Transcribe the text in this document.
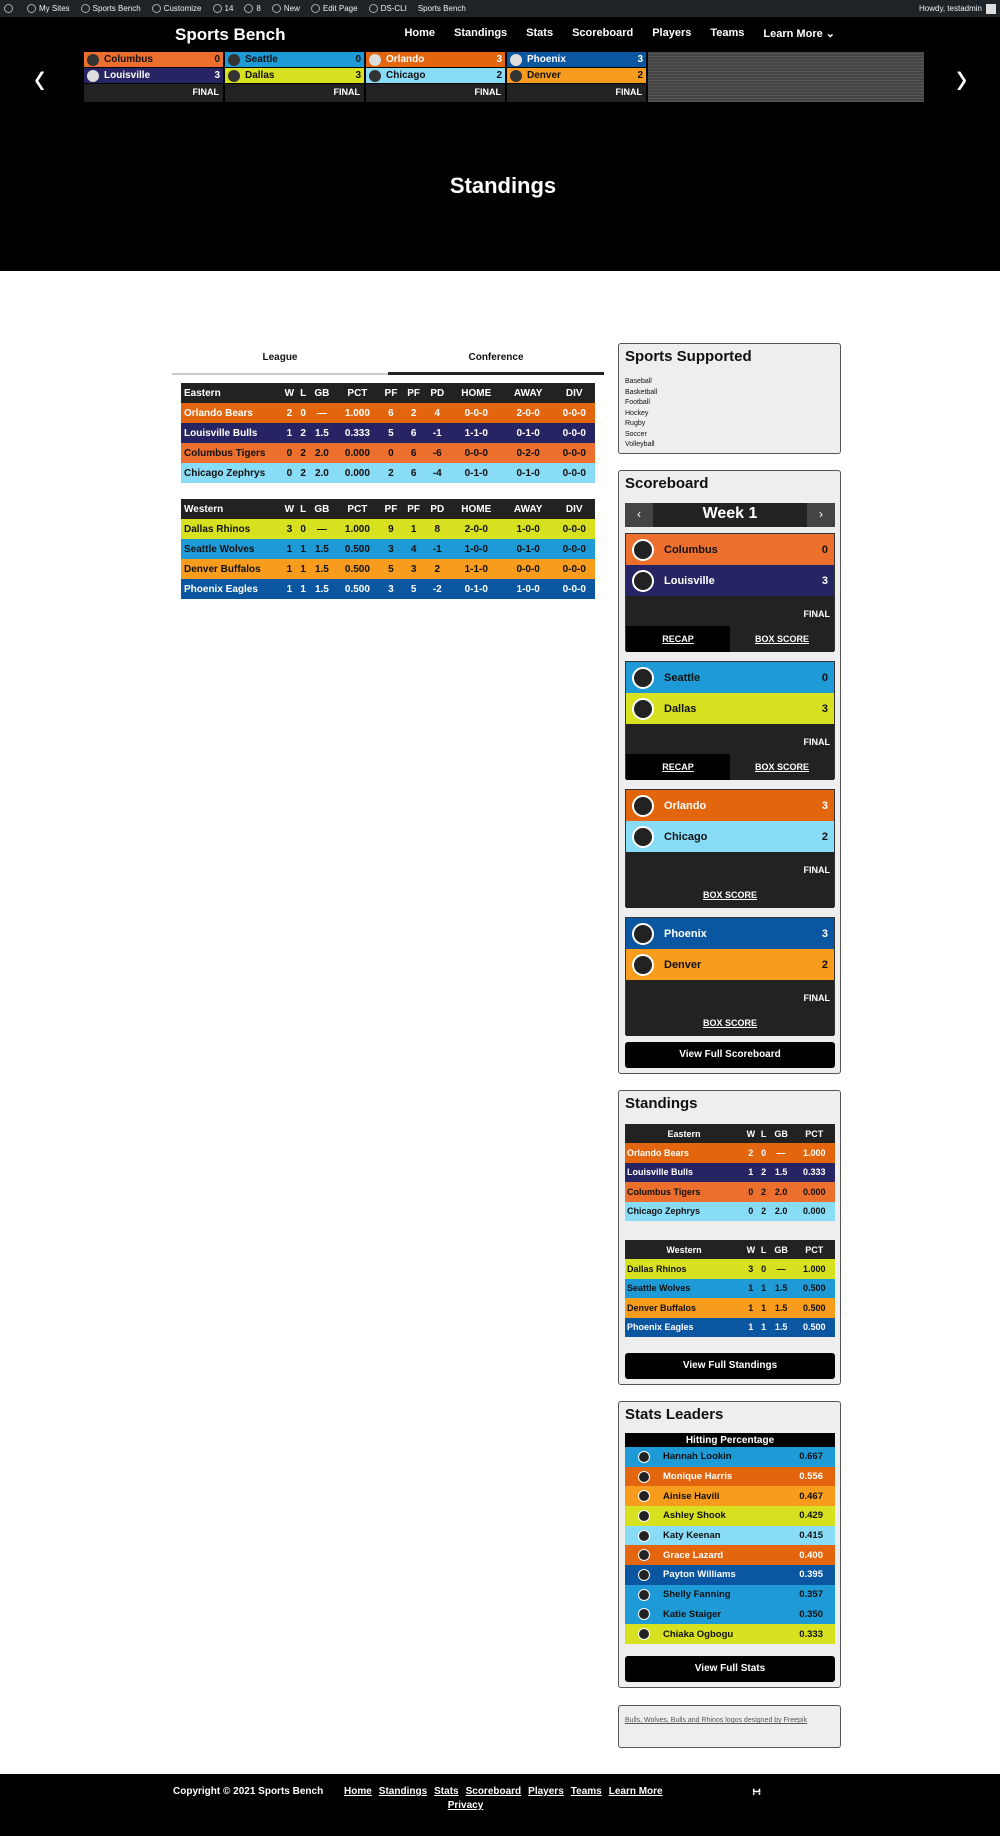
My Sites	Sports Bench	Customize	14	8	New	Edit Page	DS-CLI Sports Bench	Howdy, testadmin
Sports Bench	Home Standings Stats Scoreboard Players Teams Learn More ⌄
‹	›
Columbus	0
Louisville	3
FINAL
Seattle	0
Dallas	3
FINAL
Orlando	3
Chicago	2
FINAL
Phoenix	3
Denver	2
FINAL
Standings
League	Conference
Eastern	W	L	GB	PCT	PF	PF	PD	HOME	AWAY	DIV
Orlando Bears	2	0	—	1.000	6	2	4	0-0-0	2-0-0	0-0-0
Louisville Bulls	1	2	1.5	0.333	5	6	-1	1-1-0	0-1-0	0-0-0
Columbus Tigers	0	2	2.0	0.000	0	6	-6	0-0-0	0-2-0	0-0-0
Chicago Zephrys	0	2	2.0	0.000	2	6	-4	0-1-0	0-1-0	0-0-0
Western	W	L	GB	PCT	PF	PF	PD	HOME	AWAY	DIV
Dallas Rhinos	3	0	—	1.000	9	1	8	2-0-0	1-0-0	0-0-0
Seattle Wolves	1	1	1.5	0.500	3	4	-1	1-0-0	0-1-0	0-0-0
Denver Buffalos	1	1	1.5	0.500	5	3	2	1-1-0	0-0-0	0-0-0
Phoenix Eagles	1	1	1.5	0.500	3	5	-2	0-1-0	1-0-0	0-0-0
Sports Supported
Baseball
Basketball
Football
Hockey
Rugby
Soccer
Volleyball
Scoreboard
‹	Week 1	›
Columbus	0
Louisville	3
FINAL
RECAP	BOX SCORE
Seattle	0
Dallas	3
FINAL
RECAP	BOX SCORE
Orlando	3
Chicago	2
FINAL
BOX SCORE
Phoenix	3
Denver	2
FINAL
BOX SCORE
View Full Scoreboard
Standings
Eastern	W	L	GB	PCT
Orlando Bears	2	0	—	1.000
Louisville Bulls	1	2	1.5	0.333
Columbus Tigers	0	2	2.0	0.000
Chicago Zephrys	0	2	2.0	0.000
Western	W	L	GB	PCT
Dallas Rhinos	3	0	—	1.000
Seattle Wolves	1	1	1.5	0.500
Denver Buffalos	1	1	1.5	0.500
Phoenix Eagles	1	1	1.5	0.500
View Full Standings
Stats Leaders
Hitting Percentage		
	Hannah Lookin	0.667
	Monique Harris	0.556
	Ainise Havili	0.467
	Ashley Shook	0.429
	Katy Keenan	0.415
	Grace Lazard	0.400
	Payton Williams	0.395
	Shelly Fanning	0.357
	Katie Staiger	0.350
	Chiaka Ogbogu	0.333
View Full Stats
Bulls, Wolves, Bulls and Rhinos logos designed by Freepik
Copyright © 2021 Sports Bench Home Standings Stats Scoreboard Players Teams Learn More
Privacy
∺
